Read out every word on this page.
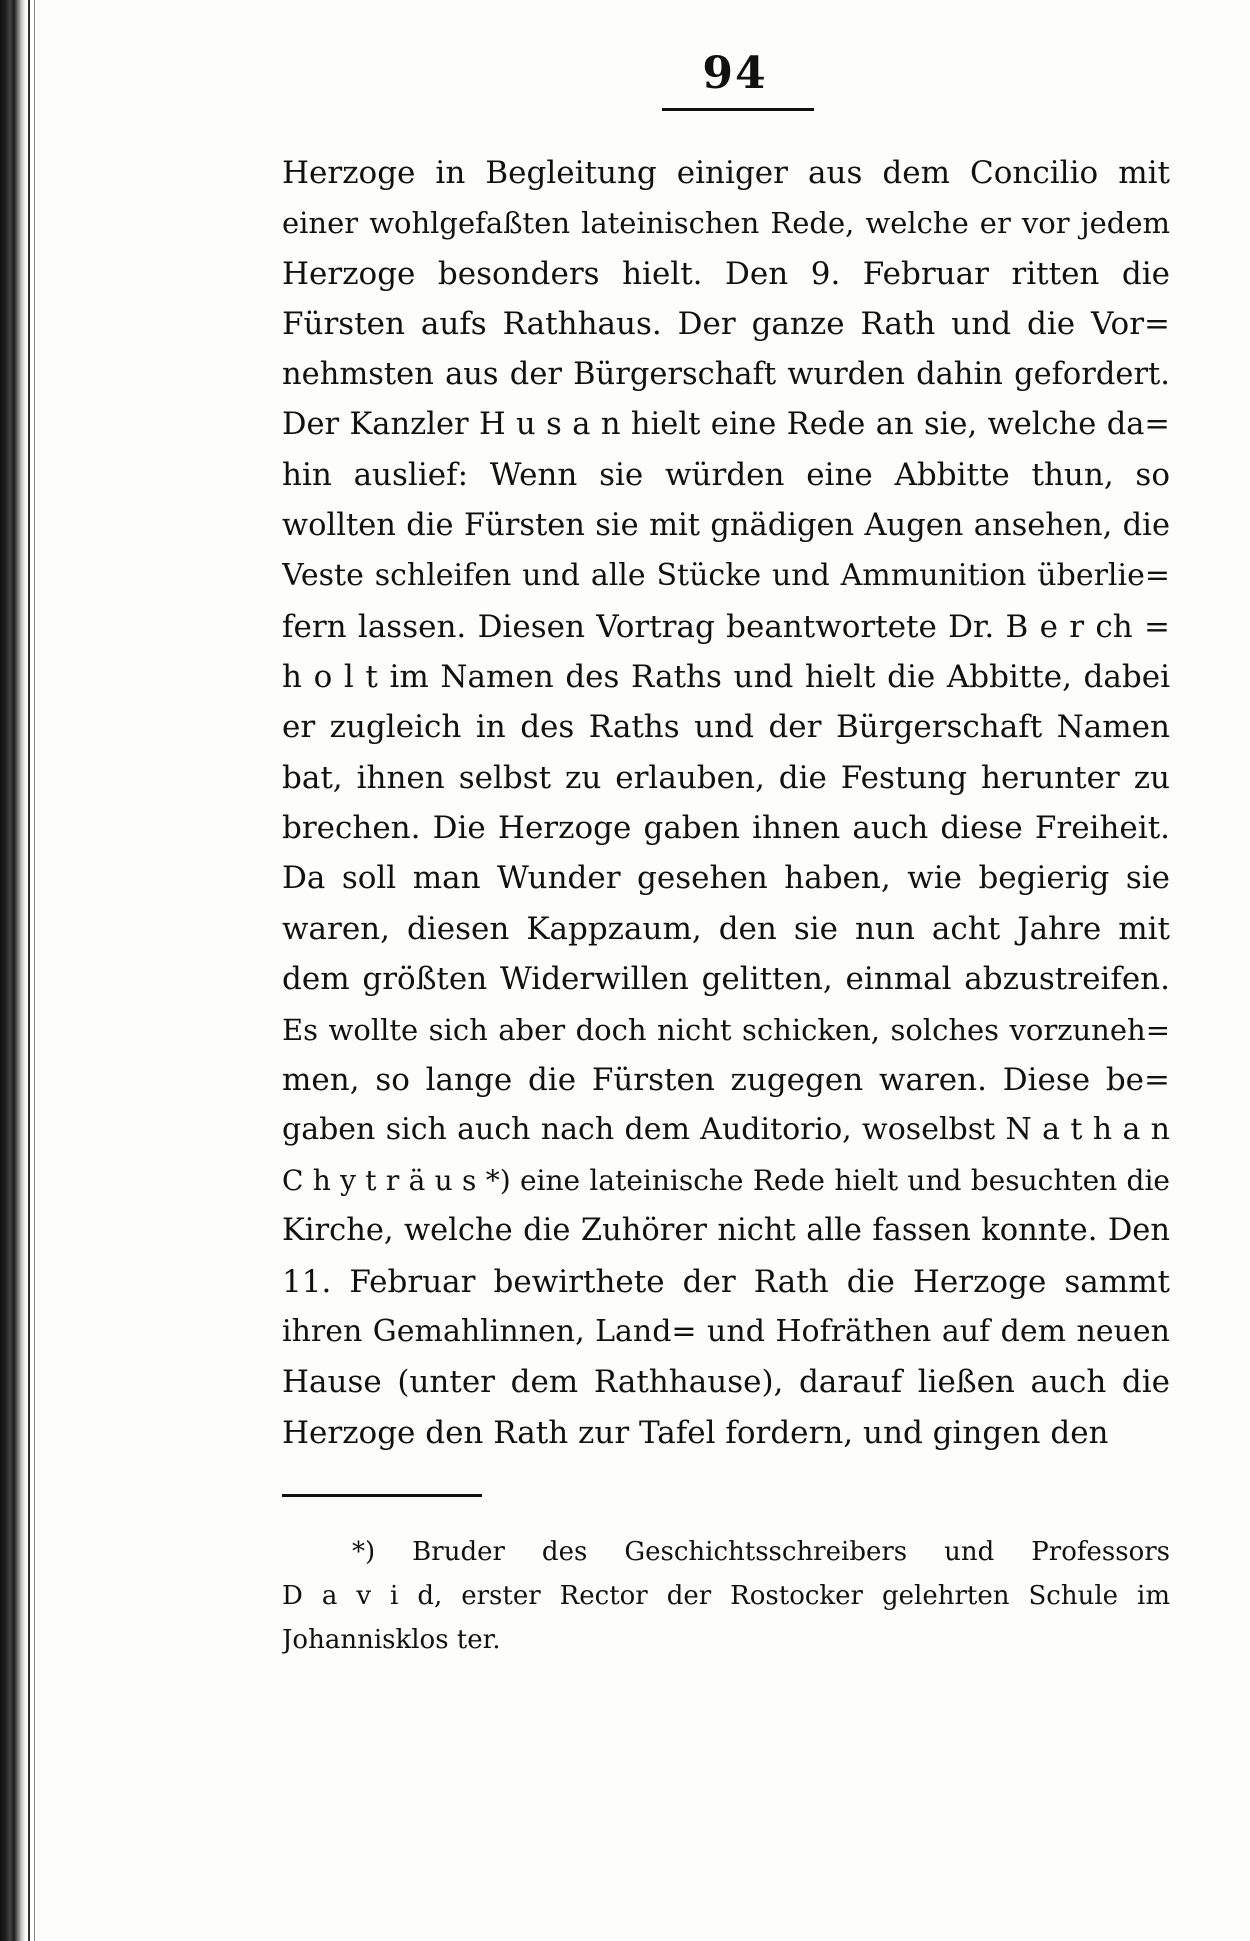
94
Herzoge in Begleitung einiger aus dem Concilio mit
einer wohlgefaßten lateinischen Rede, welche er vor jedem
Herzoge besonders hielt. Den 9. Februar ritten die
Fürsten aufs Rathhaus. Der ganze Rath und die Vor=
nehmsten aus der Bürgerschaft wurden dahin gefordert.
Der Kanzler H u s a n hielt eine Rede an sie, welche da=
hin auslief: Wenn sie würden eine Abbitte thun, so
wollten die Fürsten sie mit gnädigen Augen ansehen, die
Veste schleifen und alle Stücke und Ammunition überlie=
fern lassen. Diesen Vortrag beantwortete Dr. B e r ch =
h o l t im Namen des Raths und hielt die Abbitte, dabei
er zugleich in des Raths und der Bürgerschaft Namen
bat, ihnen selbst zu erlauben, die Festung herunter zu
brechen. Die Herzoge gaben ihnen auch diese Freiheit.
Da soll man Wunder gesehen haben, wie begierig sie
waren, diesen Kappzaum, den sie nun acht Jahre mit
dem größten Widerwillen gelitten, einmal abzustreifen.
Es wollte sich aber doch nicht schicken, solches vorzuneh=
men, so lange die Fürsten zugegen waren. Diese be=
gaben sich auch nach dem Auditorio, woselbst N a t h a n
C h y t r ä u s *) eine lateinische Rede hielt und besuchten die
Kirche, welche die Zuhörer nicht alle fassen konnte. Den
11. Februar bewirthete der Rath die Herzoge sammt
ihren Gemahlinnen, Land= und Hofräthen auf dem neuen
Hause (unter dem Rathhause), darauf ließen auch die
Herzoge den Rath zur Tafel fordern, und gingen den
*) Bruder des Geschichtsschreibers und Professors
D a v i d, erster Rector der Rostocker gelehrten Schule im
Johannisklos ter.
